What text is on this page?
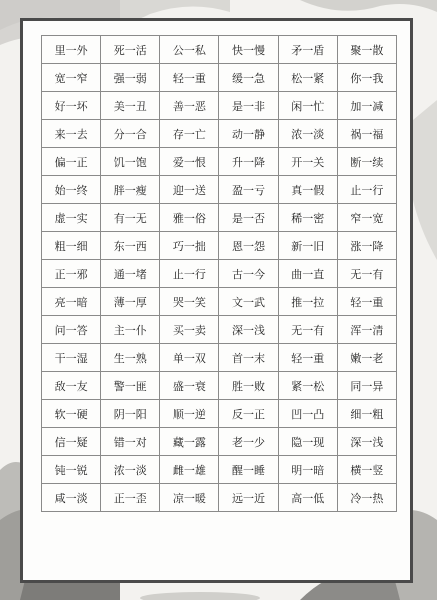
里一外	死一活	公一私	快一慢	矛一盾	聚一散
宽一窄	强一弱	轻一重	缓一急	松一紧	你一我
好一坏	美一丑	善一恶	是一非	闲一忙	加一减
来一去	分一合	存一亡	动一静	浓一淡	祸一福
偏一正	饥一饱	爱一恨	升一降	开一关	断一续
始一终	胖一瘦	迎一送	盈一亏	真一假	止一行
虚一实	有一无	雅一俗	是一否	稀一密	窄一宽
粗一细	东一西	巧一拙	恩一怨	新一旧	涨一降
正一邪	通一堵	止一行	古一今	曲一直	无一有
亮一暗	薄一厚	哭一笑	文一武	推一拉	轻一重
问一答	主一仆	买一卖	深一浅	无一有	浑一清
干一湿	生一熟	单一双	首一末	轻一重	嫩一老
敌一友	警一匪	盛一衰	胜一败	紧一松	同一异
软一硬	阴一阳	顺一逆	反一正	凹一凸	细一粗
信一疑	错一对	藏一露	老一少	隐一现	深一浅
钝一锐	浓一淡	雌一雄	醒一睡	明一暗	横一竖
咸一淡	正一歪	凉一暖	远一近	高一低	冷一热
